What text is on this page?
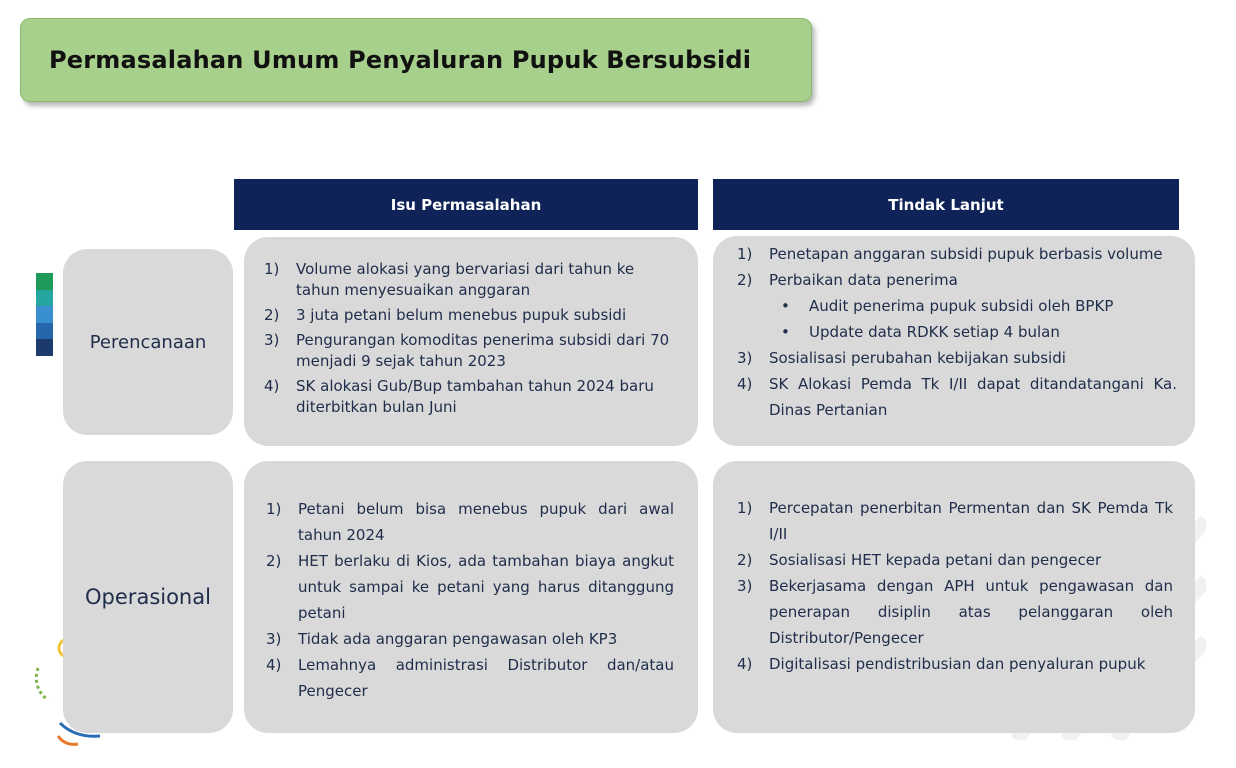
Permasalahan Umum Penyaluran Pupuk Bersubsidi
Isu Permasalahan	Tindak Lanjut
Perencanaan
1) Volume alokasi yang bervariasi dari tahun ke tahun menyesuaikan anggaran
2) 3 juta petani belum menebus pupuk subsidi
3) Pengurangan komoditas penerima subsidi dari 70 menjadi 9 sejak tahun 2023
4) SK alokasi Gub/Bup tambahan tahun 2024 baru diterbitkan bulan Juni
1) Penetapan anggaran subsidi pupuk berbasis volume
2) Perbaikan data penerima
• Audit penerima pupuk subsidi oleh BPKP
• Update data RDKK setiap 4 bulan
3) Sosialisasi perubahan kebijakan subsidi
4) SK Alokasi Pemda Tk I/II dapat ditandatangani Ka. Dinas Pertanian
Operasional
1) Petani belum bisa menebus pupuk dari awal tahun 2024
2) HET berlaku di Kios, ada tambahan biaya angkut untuk sampai ke petani yang harus ditanggung petani
3) Tidak ada anggaran pengawasan oleh KP3
4) Lemahnya administrasi Distributor dan/atau Pengecer
1) Percepatan penerbitan Permentan dan SK Pemda Tk I/II
2) Sosialisasi HET kepada petani dan pengecer
3) Bekerjasama dengan APH untuk pengawasan dan penerapan disiplin atas pelanggaran oleh Distributor/Pengecer
4) Digitalisasi pendistribusian dan penyaluran pupuk
